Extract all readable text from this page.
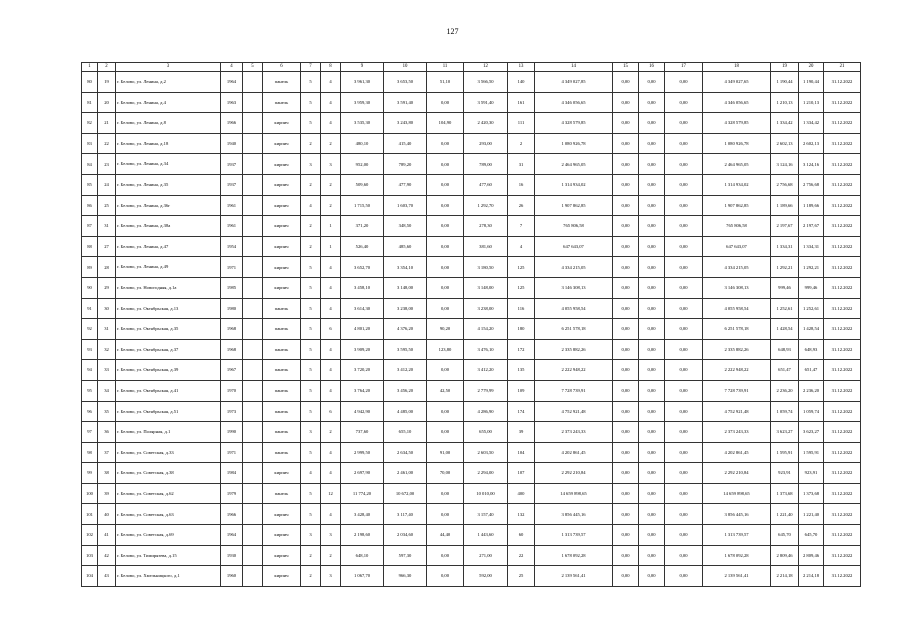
127
1	2	3	4	5	6	7	8	9	10	11	12	13	14	15	16	17	18	19	20	21
80	19	г. Белово, ул. Ленина, д.2	1964		панель	5	4	3 961,30	3 653,50	51,10	3 566,50	140	4 349 027,85	0,00	0,00	0,00	4 349 027,65	1 190,44	1 190,44	31.12.2022
81	20	г. Белово, ул. Ленина, д.4	1963		панель	5	4	3 959,30	3 591,40	0,00	3 591,40	161	4 346 056,65	0,00	0,00	0,00	4 346 056,65	1 210,13	1 210,13	31.12.2022
82	21	г. Белово, ул. Ленина, д.8	1966		кирпич	5	4	3 535,30	3 243,80	104,90	2 420,30	111	4 328 579,85	0,00	0,00	0,00	4 328 579,85	1 334,42	1 334,42	31.12.2022
83	22	г. Белово, ул. Ленина, д.18	1940		кирпич	2	2	480,10	415,40	0,00	293,00	2	1 080 926,78	0,00	0,00	0,00	1 080 926,78	2 602,13	2 602,13	31.12.2022
84	23	г. Белово, ул. Ленина, д.34	1937		кирпич	3	3	952,00	789,20	0,00	789,00	31	2 464 965,05	0,00	0,00	0,00	2 464 965,05	3 124,16	3 124,16	31.12.2022
85	24	г. Белово, ул. Ленина, д.35	1937		кирпич	2	2	509,60	477,90	0,00	477,60	16	1 314 934,02	0,00	0,00	0,00	1 314 934,02	2 756,68	2 756,68	31.12.2022
86	25	г. Белово, ул. Ленина, д.36г	1961		кирпич	4	2	1 715,50	1 603,70	0,00	1 292,70	26	1 907 862,85	0,00	0,00	0,00	1 907 862,85	1 189,66	1 189,66	31.12.2022
87	31	г. Белово, ул. Ленина, д.38а	1961		кирпич	2	1	371,20	348,50	0,00	278,30	7	765 806,58	0,00	0,00	0,00	765 806,58	2 197,67	2 197,67	31.12.2022
88	27	г. Белово, ул. Ленина, д.47	1954		кирпич	2	1	526,40	485,60	0,00	381,60	4	647 643,07	0,00	0,00	0,00	647 643,07	1 334,31	1 334,31	31.12.2022
89	28	г. Белово, ул. Ленина, д.49	1971		кирпич	5	4	3 652,70	3 354,10	0,00	3 180,50	125	4 334 215,05	0,00	0,00	0,00	4 334 215,05	1 292,21	1 292,21	31.12.2022
90	29	г. Белово, ул. Новогодняя, д.1а	1985		кирпич	5	4	3 458,10	3 148,00	0,00	3 148,00	125	3 146 308,13	0,00	0,00	0,00	3 146 308,13	999,46	999,46	31.12.2022
91	30	г. Белово, ул. Октябрьская, д.13	1980		панель	5	4	3 614,30	3 238,00	0,00	3 238,00	116	4 055 958,54	0,00	0,00	0,00	4 055 958,54	1 252,61	1 252,61	31.12.2022
92	31	г. Белово, ул. Октябрьская, д.35	1968		панель	5	6	4 801,20	4 376,20	90,20	4 154,20	180	6 251 578,18	0,00	0,00	0,00	6 251 578,18	1 428,54	1 428,54	31.12.2022
93	32	г. Белово, ул. Октябрьская, д.37	1968		панель	5	4	3 909,20	3 595,50	123,80	3 476,10	172	2 335 882,26	0,00	0,00	0,00	2 335 882,26	648,93	648,93	31.12.2022
94	33	г. Белово, ул. Октябрьская, д.39	1967		панель	5	4	3 720,20	3 412,20	0,00	3 412,20	135	2 222 948,22	0,00	0,00	0,00	2 222 948,22	651,47	651,47	31.12.2022
95	34	г. Белово, ул. Октябрьская, д.41	1970		панель	5	4	3 764,20	3 456,20	42,50	2 779,99	109	7 728 739,91	0,00	0,00	0,00	7 728 739,91	2 236,20	2 236,20	31.12.2022
96	35	г. Белово, ул. Октябрьская, д.51	1973		панель	5	6	4 942,90	4 485,00	0,00	4 286,90	174	4 752 921,48	0,00	0,00	0,00	4 752 921,48	1 059,74	1 059,74	31.12.2022
97	36	г. Белово, ул. Полярная, д.1	1990		панель	3	2	737,60	655,10	0,00	655,00	39	2 373 243,33	0,00	0,00	0,00	2 373 243,33	3 623,27	3 623,27	31.12.2022
98	37	г. Белово, ул. Советская, д.33	1971		панель	5	4	2 999,50	2 634,50	91,00	2 603,50	104	4 202 861,45	0,00	0,00	0,00	4 202 861,45	1 595,91	1 595,91	31.12.2022
99	38	г. Белово, ул. Советская, д.38	1984		кирпич	4	4	2 697,90	2 461,00	70,00	2 294,00	107	2 292 210,84	0,00	0,00	0,00	2 292 210,84	923,91	923,91	31.12.2022
100	39	г. Белово, ул. Советская, д.62	1979		панель	5	12	11 774,20	10 672,00	0,00	10 010,00	400	14 659 898,65	0,00	0,00	0,00	14 659 898,65	1 373,68	1 373,68	31.12.2022
101	40	г. Белово, ул. Советская, д.63	1966		кирпич	5	4	3 428,40	3 117,40	0,00	3 157,40	132	3 856 445,16	0,00	0,00	0,00	3 856 445,16	1 221,40	1 221,40	31.12.2022
102	41	г. Белово, ул. Советская, д.69	1964		кирпич	3	3	2 198,60	2 034,60	44,40	1 443,60	60	1 313 739,57	0,00	0,00	0,00	1 313 739,57	645,70	645,70	31.12.2022
103	42	г. Белово, ул. Тимирязева, д.15	1930		кирпич	2	2	648,10	597,30	0,00	271,00	22	1 678 092,28	0,00	0,00	0,00	1 678 092,28	2 809,46	2 809,46	31.12.2022
104	43	г. Белово, ул. Хмельницкого, д.1	1960		кирпич	2	3	1 067,70	966,30	0,00	592,00	25	2 139 561,41	0,00	0,00	0,00	2 139 561,41	2 214,18	2 214,18	31.12.2022
